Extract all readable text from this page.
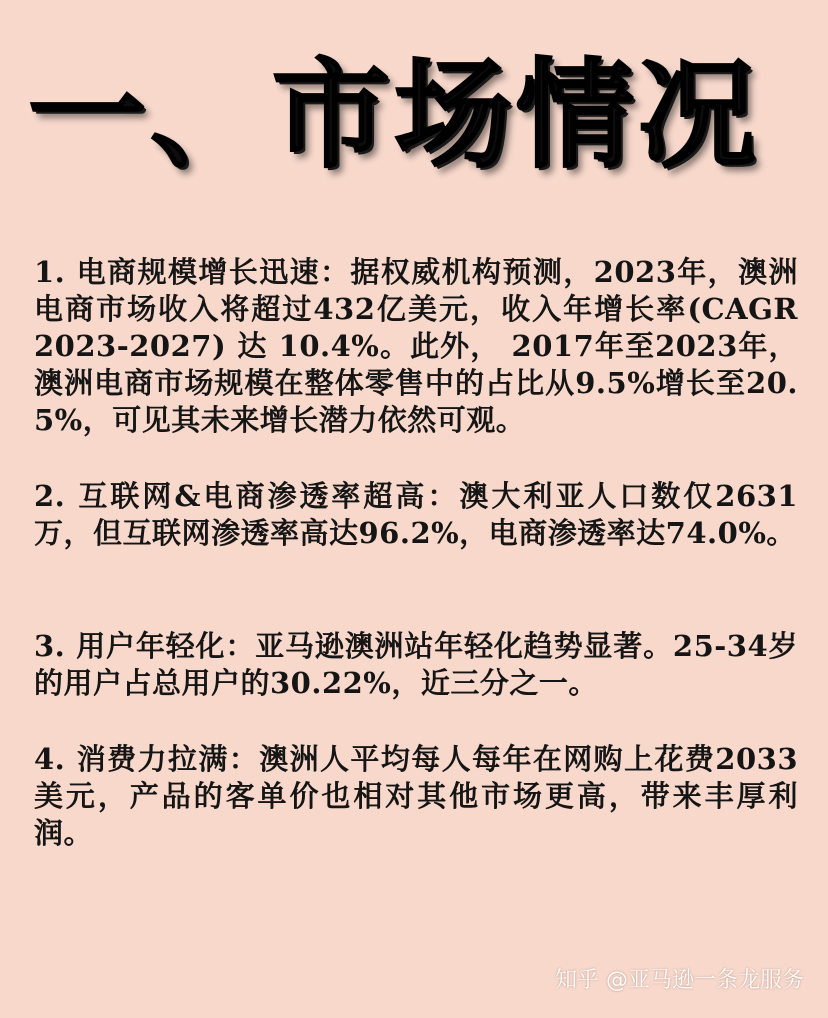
一、市场情况

1. 电商规模增长迅速：据权威机构预测，2023年，澳洲电商市场收入将超过432亿美元，收入年增长率(CAGR 2023-2027) 达 10.4%。此外， 2017年至2023年，澳洲电商市场规模在整体零售中的占比从9.5%增长至20.5%，可见其未来增长潜力依然可观。

2. 互联网&电商渗透率超高：澳大利亚人口数仅2631万，但互联网渗透率高达96.2%，电商渗透率达74.0%。

3. 用户年轻化：亚马逊澳洲站年轻化趋势显著。25-34岁的用户占总用户的30.22%，近三分之一。

4. 消费力拉满：澳洲人平均每人每年在网购上花费2033美元，产品的客单价也相对其他市场更高，带来丰厚利润。

知乎 @亚马逊一条龙服务
